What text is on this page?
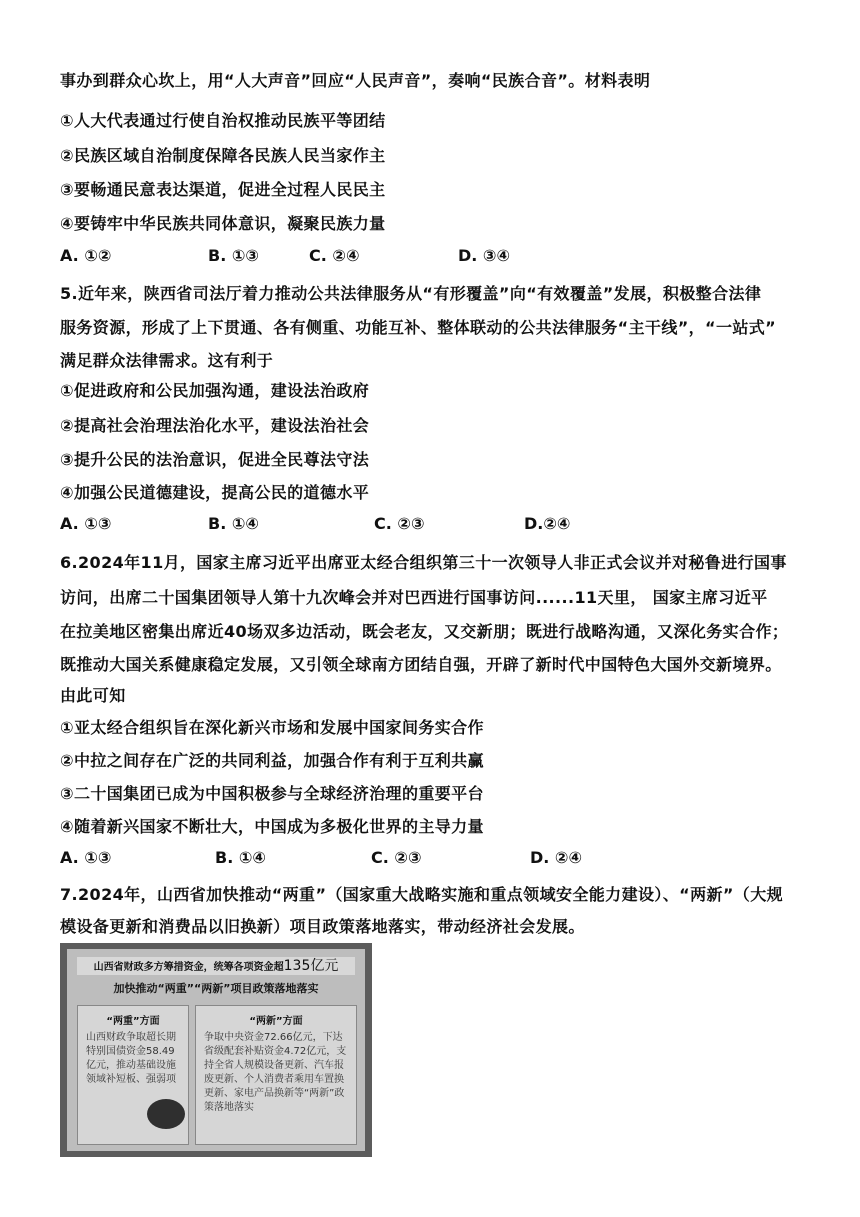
事办到群众心坎上，用“人大声音”回应“人民声音”，奏响“民族合音”。材料表明
①人大代表通过行使自治权推动民族平等团结
②民族区域自治制度保障各民族人民当家作主
③要畅通民意表达渠道，促进全过程人民民主
④要铸牢中华民族共同体意识，凝聚民族力量
A. ①②	B. ①③	C. ②④	D. ③④
5.近年来，陕西省司法厅着力推动公共法律服务从“有形覆盖”向“有效覆盖”发展，积极整合法律
服务资源，形成了上下贯通、各有侧重、功能互补、整体联动的公共法律服务“主干线”，“一站式”
满足群众法律需求。这有利于
①促进政府和公民加强沟通，建设法治政府
②提高社会治理法治化水平，建设法治社会
③提升公民的法治意识，促进全民尊法守法
④加强公民道德建设，提高公民的道德水平
A. ①③	B. ①④	C. ②③	D.②④
6.2024年11月，国家主席习近平出席亚太经合组织第三十一次领导人非正式会议并对秘鲁进行国事
访问，出席二十国集团领导人第十九次峰会并对巴西进行国事访问......11天里， 国家主席习近平
在拉美地区密集出席近40场双多边活动，既会老友，又交新朋；既进行战略沟通，又深化务实合作；
既推动大国关系健康稳定发展，又引领全球南方团结自强，开辟了新时代中国特色大国外交新境界。
由此可知
①亚太经合组织旨在深化新兴市场和发展中国家间务实合作
②中拉之间存在广泛的共同利益，加强合作有利于互利共赢
③二十国集团已成为中国积极参与全球经济治理的重要平台
④随着新兴国家不断壮大，中国成为多极化世界的主导力量
A. ①③	B. ①④	C. ②③	D. ②④
7.2024年，山西省加快推动“两重”（国家重大战略实施和重点领域安全能力建设）、“两新”（大规
模设备更新和消费品以旧换新）项目政策落地落实，带动经济社会发展。
山西省财政多方筹措资金，统筹各项资金超135亿元
加快推动“两重”“两新”项目政策落地落实
“两重”方面
山西财政争取超长期特别国债资金58.49亿元，推动基础设施领域补短板、强弱项
“两新”方面
争取中央资金72.66亿元，下达省级配套补贴资金4.72亿元，支持全省人规模设备更新、汽车报废更新、个人消费者乘用车置换更新、家电产品换新等“两新”政策落地落实
